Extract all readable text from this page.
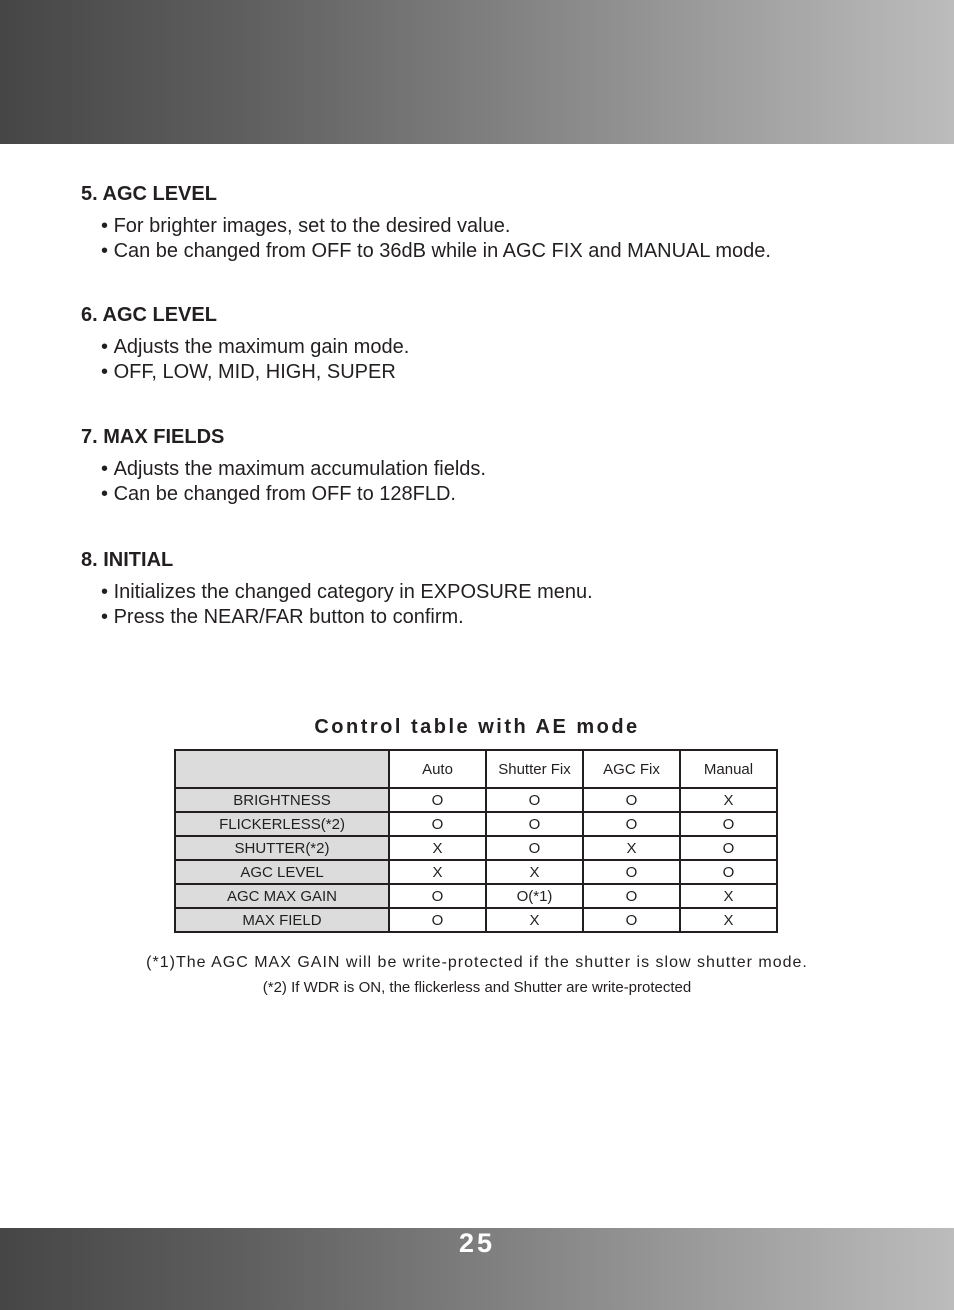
5. AGC LEVEL
• For brighter images, set to the desired value.
• Can be changed from OFF to 36dB while in AGC FIX and MANUAL mode.
6. AGC LEVEL
• Adjusts the maximum gain mode.
• OFF, LOW, MID, HIGH, SUPER
7. MAX FIELDS
• Adjusts the maximum accumulation fields.
• Can be changed from OFF to 128FLD.
8. INITIAL
• Initializes the changed category in EXPOSURE menu.
• Press the NEAR/FAR button to confirm.
Control table with AE mode
	Auto	Shutter Fix	AGC Fix	Manual
BRIGHTNESS	O	O	O	X
FLICKERLESS(*2)	O	O	O	O
SHUTTER(*2)	X	O	X	O
AGC LEVEL	X	X	O	O
AGC MAX GAIN	O	O(*1)	O	X
MAX FIELD	O	X	O	X
(*1)The AGC MAX GAIN will be write-protected if the shutter is slow shutter mode.
(*2) If WDR is ON, the flickerless and Shutter are write-protected
25
